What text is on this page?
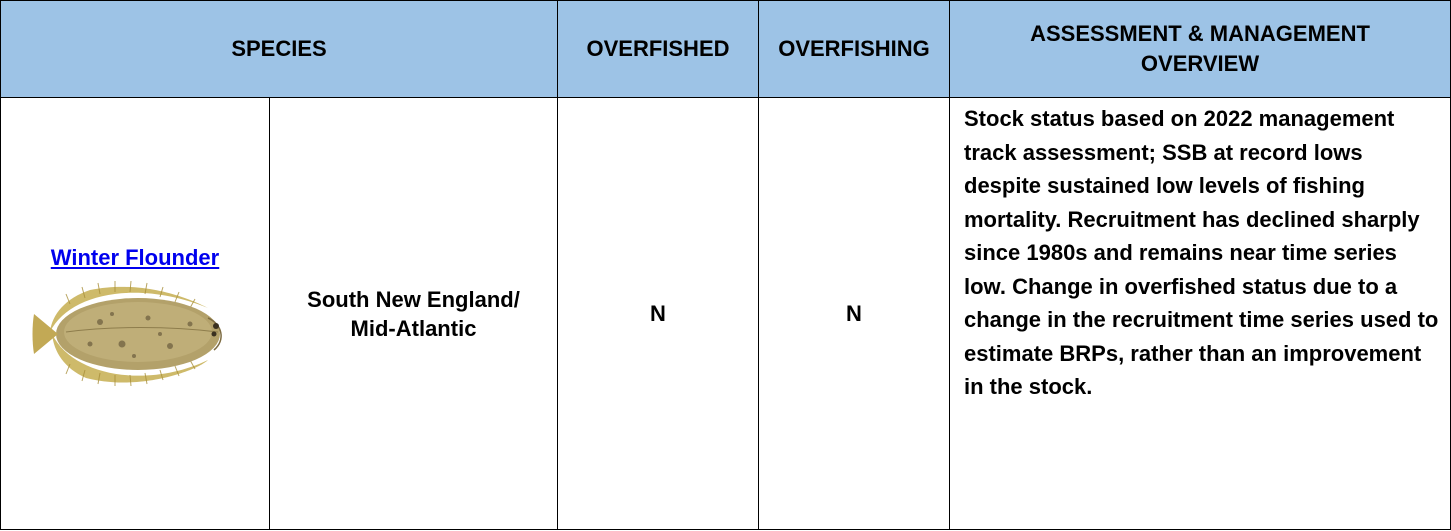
SPECIES		OVERFISHED	OVERFISHING	ASSESSMENT & MANAGEMENT
OVERVIEW

Winter Flounder	South New England/
Mid-Atlantic	N	N	Stock status based on 2022 management track assessment; SSB at record lows despite sustained low levels of fishing mortality. Recruitment has declined sharply since 1980s and remains near time series low. Change in overfished status due to a change in the recruitment time series used to estimate BRPs, rather than an improvement in the stock.
